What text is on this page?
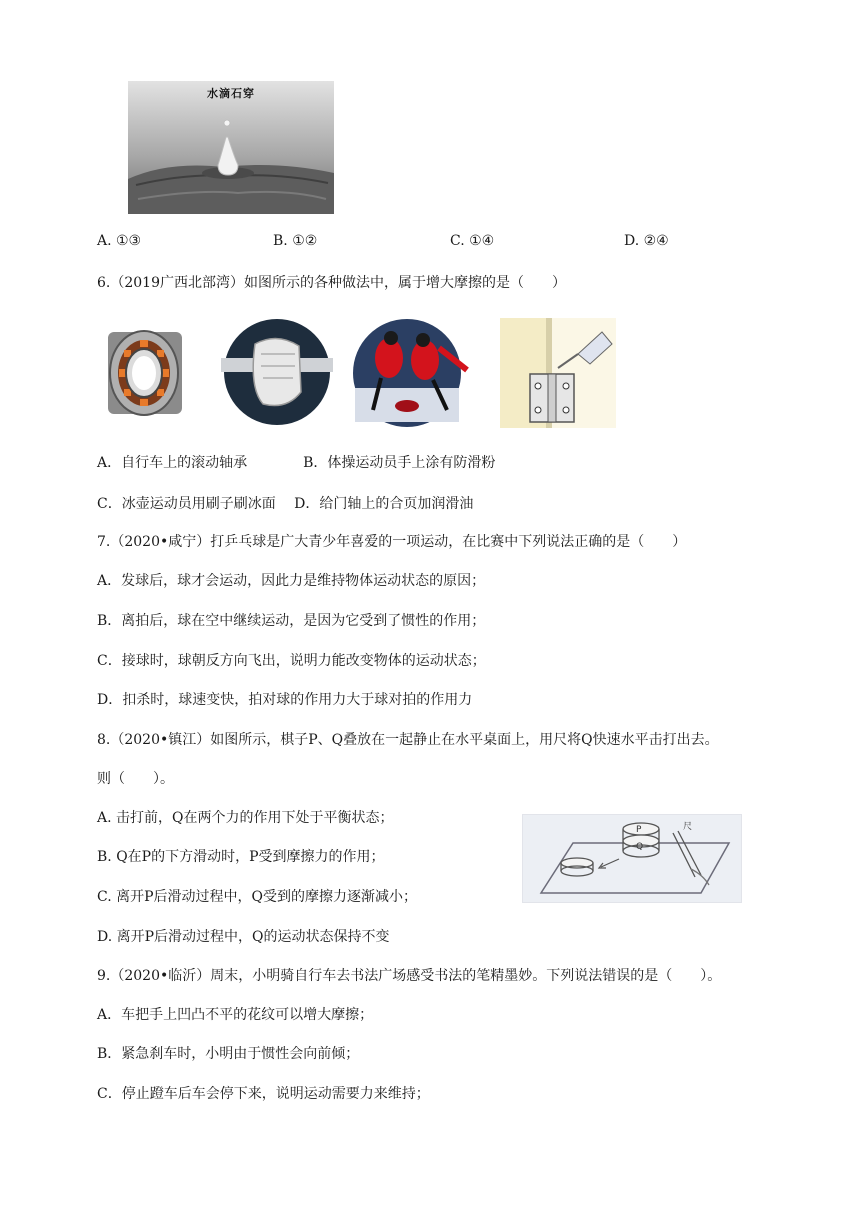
水滴石穿
A. ①③	B. ①②	C. ①④	D. ②④
6.（2019广西北部湾）如图所示的各种做法中，属于增大摩擦的是（　　）
A．自行车上的滚动轴承　　　　B．体操运动员手上涂有防滑粉
C．冰壶运动员用刷子刷冰面　 D．给门轴上的合页加润滑油
7.（2020•咸宁）打乒乓球是广大青少年喜爱的一项运动，在比赛中下列说法正确的是（　　）
A．发球后，球才会运动，因此力是维持物体运动状态的原因；
B．离拍后，球在空中继续运动，是因为它受到了惯性的作用；
C．接球时，球朝反方向飞出，说明力能改变物体的运动状态；
D．扣杀时，球速变快，拍对球的作用力大于球对拍的作用力
8.（2020•镇江）如图所示，棋子P、Q叠放在一起静止在水平桌面上，用尺将Q快速水平击打出去。
则（　　）。
A. 击打前，Q在两个力的作用下处于平衡状态；
B. Q在P的下方滑动时，P受到摩擦力的作用；
C. 离开P后滑动过程中，Q受到的摩擦力逐渐减小；
D. 离开P后滑动过程中，Q的运动状态保持不变
P
Q
尺
9.（2020•临沂）周末，小明骑自行车去书法广场感受书法的笔精墨妙。下列说法错误的是（　　）。
A．车把手上凹凸不平的花纹可以增大摩擦；
B．紧急刹车时，小明由于惯性会向前倾；
C．停止蹬车后车会停下来，说明运动需要力来维持；
